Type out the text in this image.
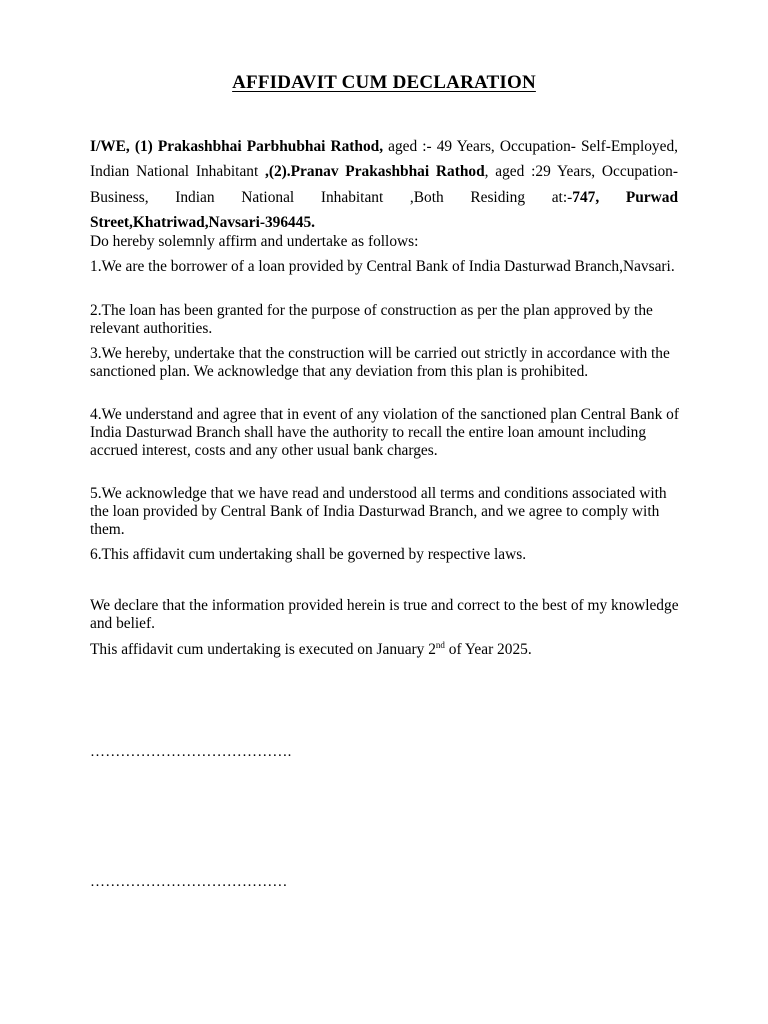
AFFIDAVIT CUM DECLARATION
I/WE, (1) Prakashbhai Parbhubhai Rathod, aged :- 49 Years, Occupation- Self-Employed, Indian National Inhabitant ,(2).Pranav Prakashbhai Rathod, aged :29 Years, Occupation- Business, Indian National Inhabitant ,Both Residing at:-747, Purwad Street,Khatriwad,Navsari-396445.
Do hereby solemnly affirm and undertake as follows:
1.We are the borrower of a loan provided by Central Bank of India Dasturwad Branch,Navsari.
2.The loan has been granted for the purpose of construction as per the plan approved by the relevant authorities.
3.We hereby, undertake that the construction will be carried out strictly in accordance with the sanctioned plan. We acknowledge that any deviation from this plan is prohibited.
4.We understand and agree that in event of any violation of the sanctioned plan Central Bank of India Dasturwad Branch shall have the authority to recall the entire loan amount including accrued interest, costs and any other usual bank charges.
5.We acknowledge that we have read and understood all terms and conditions associated with the loan provided by Central Bank of India Dasturwad Branch, and we agree to comply with them.
6.This affidavit cum undertaking shall be governed by respective laws.
We declare that the information provided herein is true and correct to the best of my knowledge and belief.
This affidavit cum undertaking is executed on January 2nd of Year 2025.
………………………………….
…………………………………
